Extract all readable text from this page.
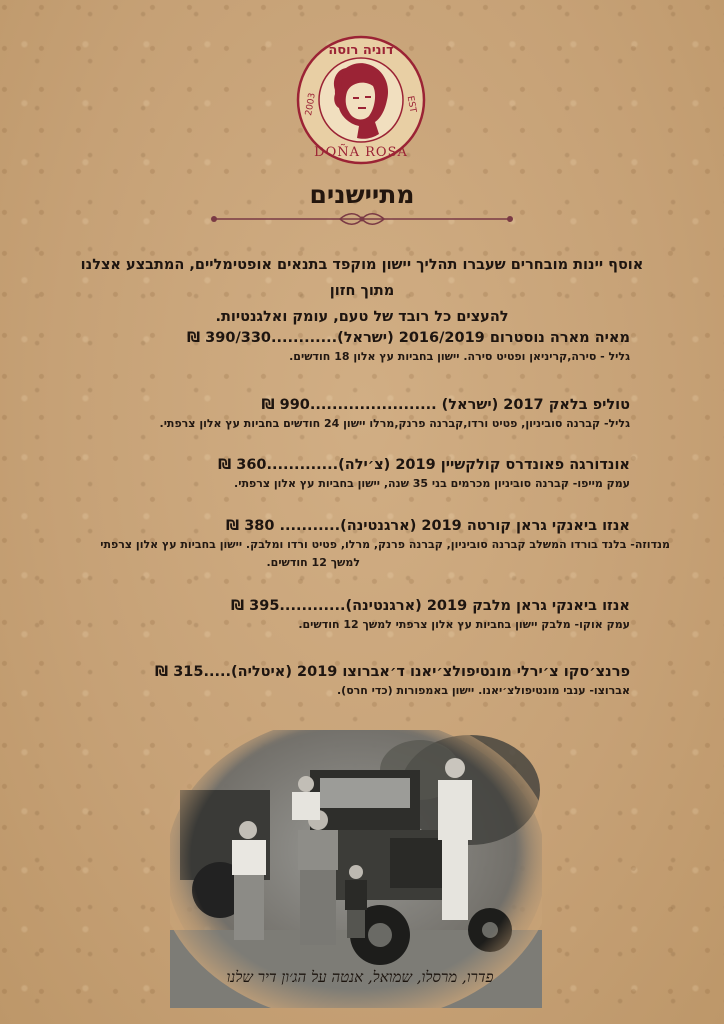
דוניה רוסה
2003	EST
DOÑA ROSA
מתיישנים
אוסף יינות מובחרים שעברו תהליך יישון מוקפד בתנאים אופטימליים, המתבצע אצלנו מתוך חזון
להעצים כל רובד של טעם, עומק ואלגנטיות.
מאיה מארה נוסטרום 2016/2019 (ישראל)............390/330 ₪
גליל - סירה,קריניאן ופטיט סירה. יישון בחביות עץ אלון 18 חודשים.
טוליפ בלאק 2017 (ישראל) .......................990 ₪
גליל- קברנה סוביניון, פטיט ורדו,קברנה פרנק,מרלו יישון 24 חודשים בחביות עץ אלון צרפתי.
אונדורגה פאונדרס קולקשיין 2019 (צ׳ילה).............360 ₪
עמק מייפו- קברנה סוביניון מכרמים בני 35 שנה, יישון בחביות עץ אלון צרפתי.
אנזו ביאנקי גראן קורטה 2019 (ארגנטינה)........... 380 ₪
מנדוזה- בלנד בורדו המשלב קברנה סוביניון, קברנה פרנק, מרלו, פטיט ורדו ומלבק. יישון בחביות עץ אלון צרפתי
למשך 12 חודשים.
אנזו ביאנקי גראן מלבק 2019 (ארגנטינה)............395 ₪
עמק אוקו- מלבק יישון בחביות עץ אלון צרפתי למשך 12 חודשים.
פרנצ׳סקו צ׳ירלי מונטיפולצ׳יאנו ד׳אברוצו 2019 (איטליה).....315 ₪
אברוצו- ענבי מונטיפולצ׳יאנו. יישון באמפורות (כדי חרס).
פדרו, מרסלו, שמואל, אנטה על הג׳ון דיר שלנו
